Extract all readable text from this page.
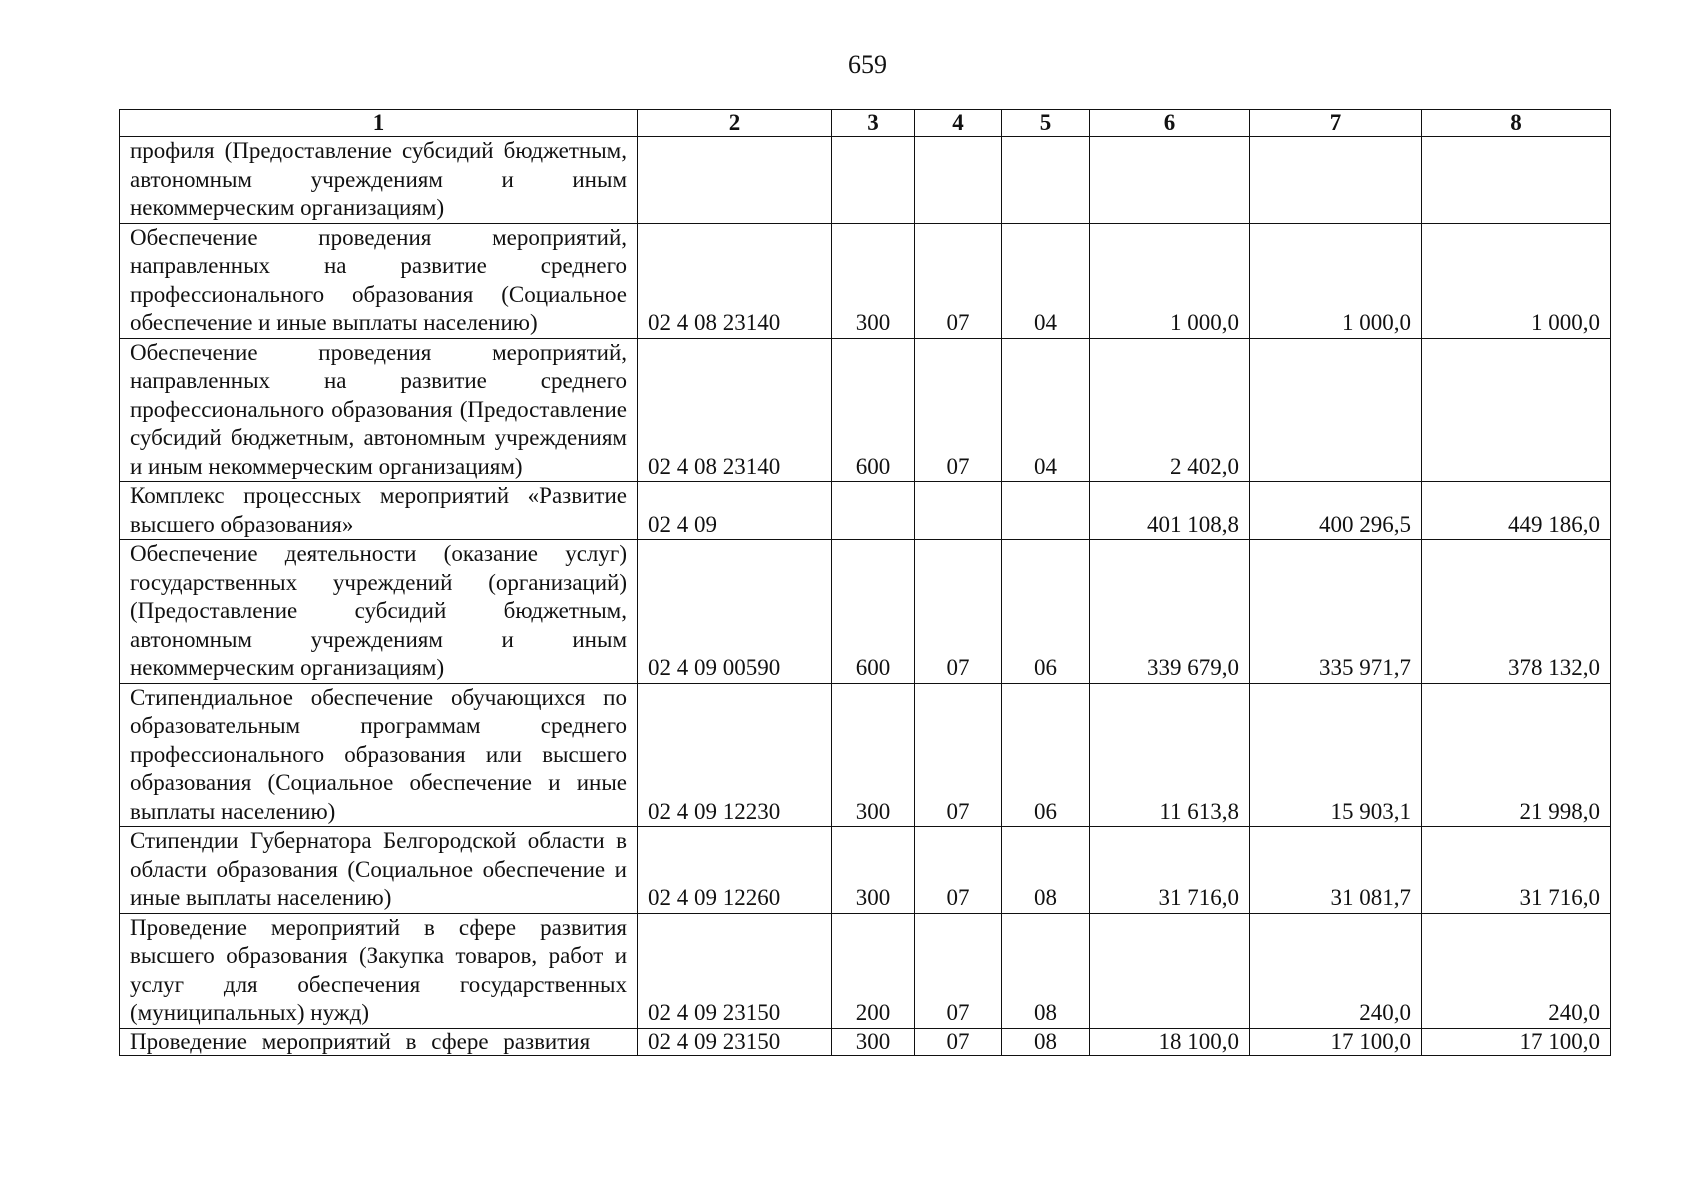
659
1	2	3	4	5	6	7	8
профиля (Предоставление субсидий бюджетным, автономным учреждениям и иным некоммерческим организациям)							
Обеспечение проведения мероприятий, направленных на развитие среднего профессионального образования (Социальное обеспечение и иные выплаты населению)	02 4 08 23140	300	07	04	1 000,0	1 000,0	1 000,0
Обеспечение проведения мероприятий, направленных на развитие среднего профессионального образования (Предоставление субсидий бюджетным, автономным учреждениям и иным некоммерческим организациям)	02 4 08 23140	600	07	04	2 402,0		
Комплекс процессных мероприятий «Развитие высшего образования»	02 4 09				401 108,8	400 296,5	449 186,0
Обеспечение деятельности (оказание услуг) государственных учреждений (организаций) (Предоставление субсидий бюджетным, автономным учреждениям и иным некоммерческим организациям)	02 4 09 00590	600	07	06	339 679,0	335 971,7	378 132,0
Стипендиальное обеспечение обучающихся по образовательным программам среднего профессионального образования или высшего образования (Социальное обеспечение и иные выплаты населению)	02 4 09 12230	300	07	06	11 613,8	15 903,1	21 998,0
Стипендии Губернатора Белгородской области в области образования (Социальное обеспечение и иные выплаты населению)	02 4 09 12260	300	07	08	31 716,0	31 081,7	31 716,0
Проведение мероприятий в сфере развития высшего образования (Закупка товаров, работ и услуг для обеспечения государственных (муниципальных) нужд)	02 4 09 23150	200	07	08		240,0	240,0
Проведение мероприятий в сфере развития	02 4 09 23150	300	07	08	18 100,0	17 100,0	17 100,0
